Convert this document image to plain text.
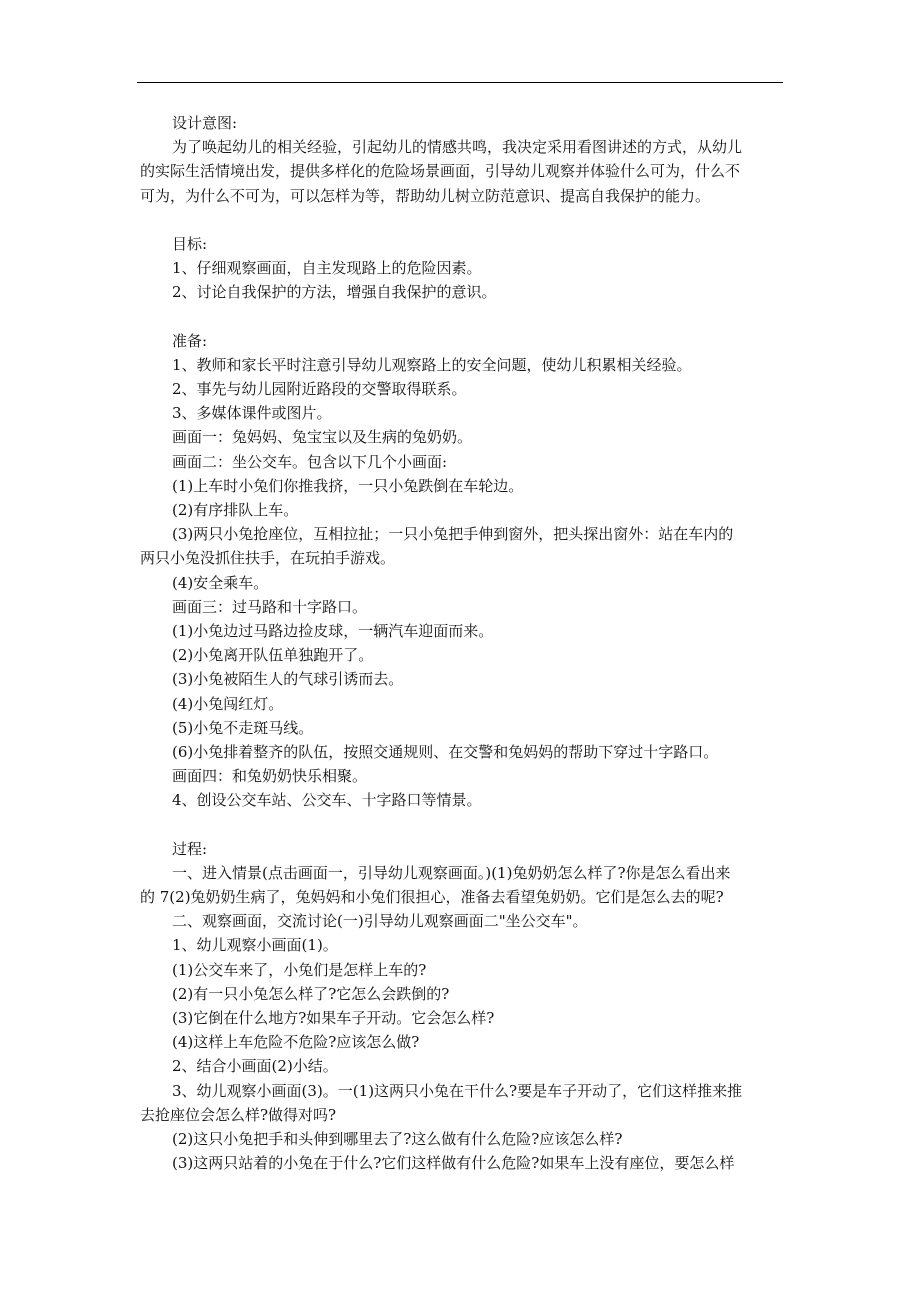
设计意图:
为了唤起幼儿的相关经验，引起幼儿的情感共鸣，我决定采用看图讲述的方式，从幼儿
的实际生活情境出发，提供多样化的危险场景画面，引导幼儿观察并体验什么可为，什么不
可为，为什么不可为，可以怎样为等，帮助幼儿树立防范意识、提高自我保护的能力。
目标:
1、仔细观察画面，自主发现路上的危险因素。
2、讨论自我保护的方法，增强自我保护的意识。
准备:
1、教师和家长平时注意引导幼儿观察路上的安全问题，使幼儿积累相关经验。
2、事先与幼儿园附近路段的交警取得联系。
3、多媒体课件或图片。
画面一：兔妈妈、兔宝宝以及生病的兔奶奶。
画面二：坐公交车。包含以下几个小画面:
(1)上车时小兔们你推我挤，一只小兔跌倒在车轮边。
(2)有序排队上车。
(3)两只小兔抢座位，互相拉扯；一只小兔把手伸到窗外，把头探出窗外：站在车内的
两只小兔没抓住扶手，在玩拍手游戏。
(4)安全乘车。
画面三：过马路和十字路口。
(1)小兔边过马路边捡皮球，一辆汽车迎面而来。
(2)小兔离开队伍单独跑开了。
(3)小兔被陌生人的气球引诱而去。
(4)小兔闯红灯。
(5)小兔不走斑马线。
(6)小兔排着整齐的队伍，按照交通规则、在交警和兔妈妈的帮助下穿过十字路口。
画面四：和兔奶奶快乐相聚。
4、创设公交车站、公交车、十字路口等情景。
过程:
一、进入情景(点击画面一，引导幼儿观察画面。)(1)兔奶奶怎么样了?你是怎么看出来
的 7(2)兔奶奶生病了，兔妈妈和小兔们很担心，准备去看望兔奶奶。它们是怎么去的呢?
二、观察画面，交流讨论(一)引导幼儿观察画面二"坐公交车"。
1、幼儿观察小画面(1)。
(1)公交车来了，小兔们是怎样上车的?
(2)有一只小兔怎么样了?它怎么会跌倒的?
(3)它倒在什么地方?如果车子开动。它会怎么样?
(4)这样上车危险不危险?应该怎么做?
2、结合小画面(2)小结。
3、幼儿观察小画面(3)。一(1)这两只小兔在干什么?要是车子开动了，它们这样推来推
去抢座位会怎么样?做得对吗?
(2)这只小兔把手和头伸到哪里去了?这么做有什么危险?应该怎么样?
(3)这两只站着的小兔在于什么?它们这样做有什么危险?如果车上没有座位，要怎么样
